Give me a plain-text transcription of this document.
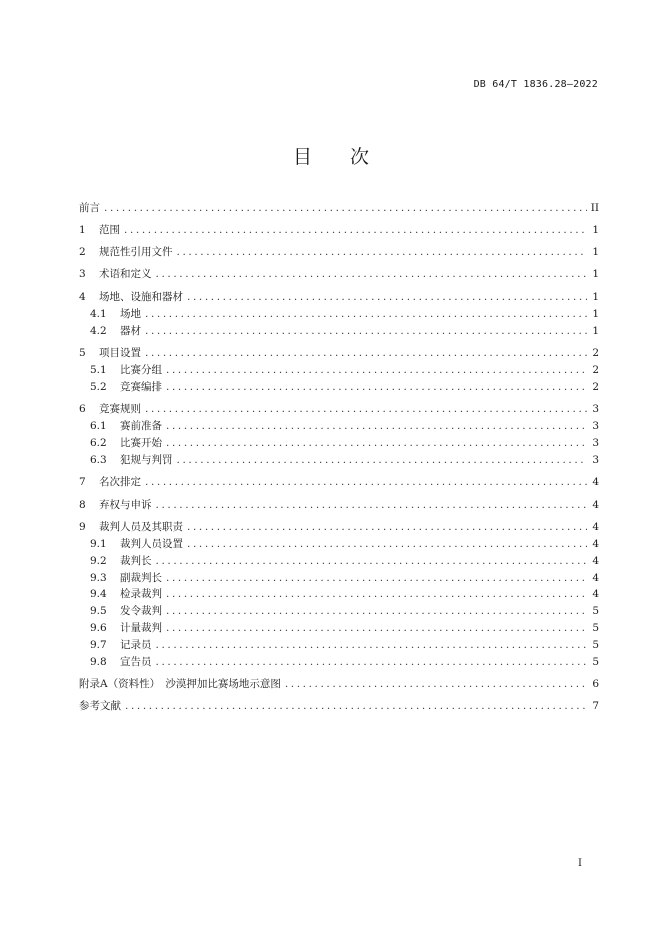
DB 64/T 1836.28—2022
目 次
前言 .....	II
1	范围 .....	1
2	规范性引用文件 .....	1
3	术语和定义 .....	1
4	场地、设施和器材 .....	1
4.1	场地 .....	1
4.2	器材 .....	1
5	项目设置 .....	2
5.1	比赛分组 .....	2
5.2	竞赛编排 .....	2
6	竞赛规则 .....	3
6.1	赛前准备 .....	3
6.2	比赛开始 .....	3
6.3	犯规与判罚 .....	3
7	名次排定 .....	4
8	弃权与申诉 .....	4
9	裁判人员及其职责 .....	4
9.1	裁判人员设置 .....	4
9.2	裁判长 .....	4
9.3	副裁判长 .....	4
9.4	检录裁判 .....	4
9.5	发令裁判 .....	5
9.6	计量裁判 .....	5
9.7	记录员 .....	5
9.8	宣告员 .....	5
附录A（资料性）　沙漠押加比赛场地示意图 .....	6
参考文献 .....	7
I
